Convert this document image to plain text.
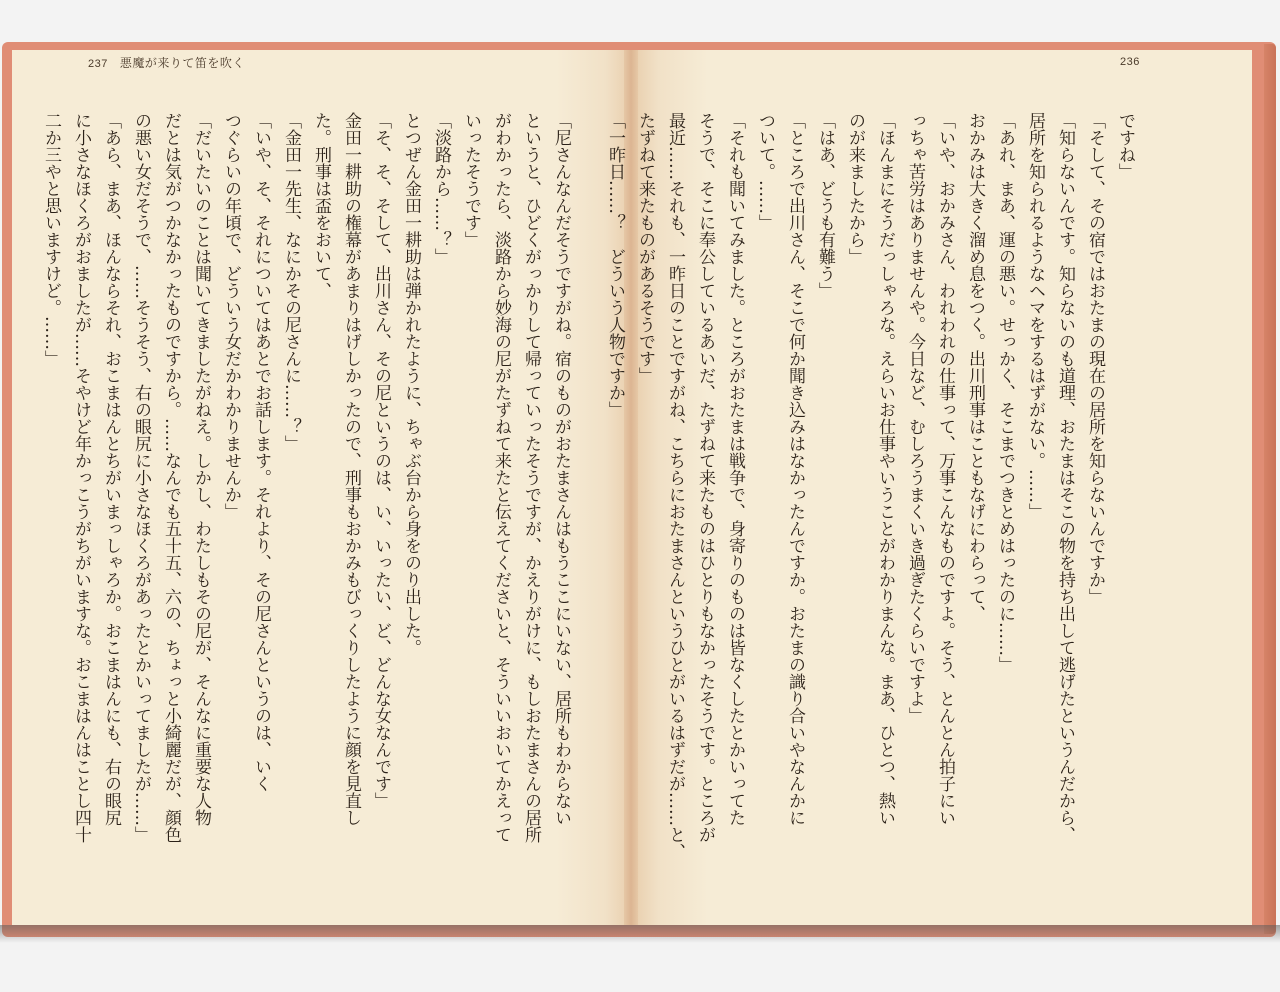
237 悪魔が来りて笛を吹く	236
「尼さんなんだそうですがね。宿のものがおたまさんはもうここにいない、居所もわからない
というと、ひどくがっかりして帰っていったそうですが、かえりがけに、もしおたまさんの居所
がわかったら、淡路から妙海の尼がたずねて来たと伝えてくださいと、そういいおいてかえって
いったそうです」
「淡路から……？」
とつぜん金田一耕助は弾かれたように、ちゃぶ台から身をのり出した。
「そ、そ、そして、出川さん、その尼というのは、い、いったい、ど、どんな女なんです」
金田一耕助の権幕があまりはげしかったので、刑事もおかみもびっくりしたように顔を見直し
た。刑事は盃をおいて、
「金田一先生、なにかその尼さんに……？」
「いや、そ、それについてはあとでお話します。それより、その尼さんというのは、いく
つぐらいの年頃で、どういう女だかわかりませんか」
「だいたいのことは聞いてきましたがねえ。しかし、わたしもその尼が、そんなに重要な人物
だとは気がつかなかったものですから。……なんでも五十五、六の、ちょっと小綺麗だが、顔色
の悪い女だそうで、……そうそう、右の眼尻に小さなほくろがあったとかいってましたが……」
「あら、まあ、ほんならそれ、おこまはんとちがいまっしゃろか。おこまはんにも、右の眼尻
に小さなほくろがおましたが……そやけど年かっこうがちがいますな。おこまはんはことし四十
二か三やと思いますけど。……」	ですね」
「そして、その宿ではおたまの現在の居所を知らないんですか」
「知らないんです。知らないのも道理、おたまはそこの物を持ち出して逃げたというんだから、
居所を知られるようなヘマをするはずがない。……」
「あれ、まあ、運の悪い。せっかく、そこまでつきとめはったのに……」
おかみは大きく溜め息をつく。出川刑事はこともなげにわらって、
「いや、おかみさん、われわれの仕事って、万事こんなものですよ。そう、とんとん拍子にい
っちゃ苦労はありませんや。今日など、むしろうまくいき過ぎたくらいですよ」
「ほんまにそうだっしゃろな。えらいお仕事やいうことがわかりまんな。まあ、ひとつ、熱い
のが来ましたから」
「はあ、どうも有難う」
「ところで出川さん、そこで何か聞き込みはなかったんですか。おたまの識り合いやなんかに
ついて。……」
「それも聞いてみました。ところがおたまは戦争で、身寄りのものは皆なくしたとかいってた
そうで、そこに奉公しているあいだ、たずねて来たものはひとりもなかったそうです。ところが
最近……それも、一昨日のことですがね、こちらにおたまさんというひとがいるはずだが……と、
たずねて来たものがあるそうです」
「一昨日……？　どういう人物ですか」
